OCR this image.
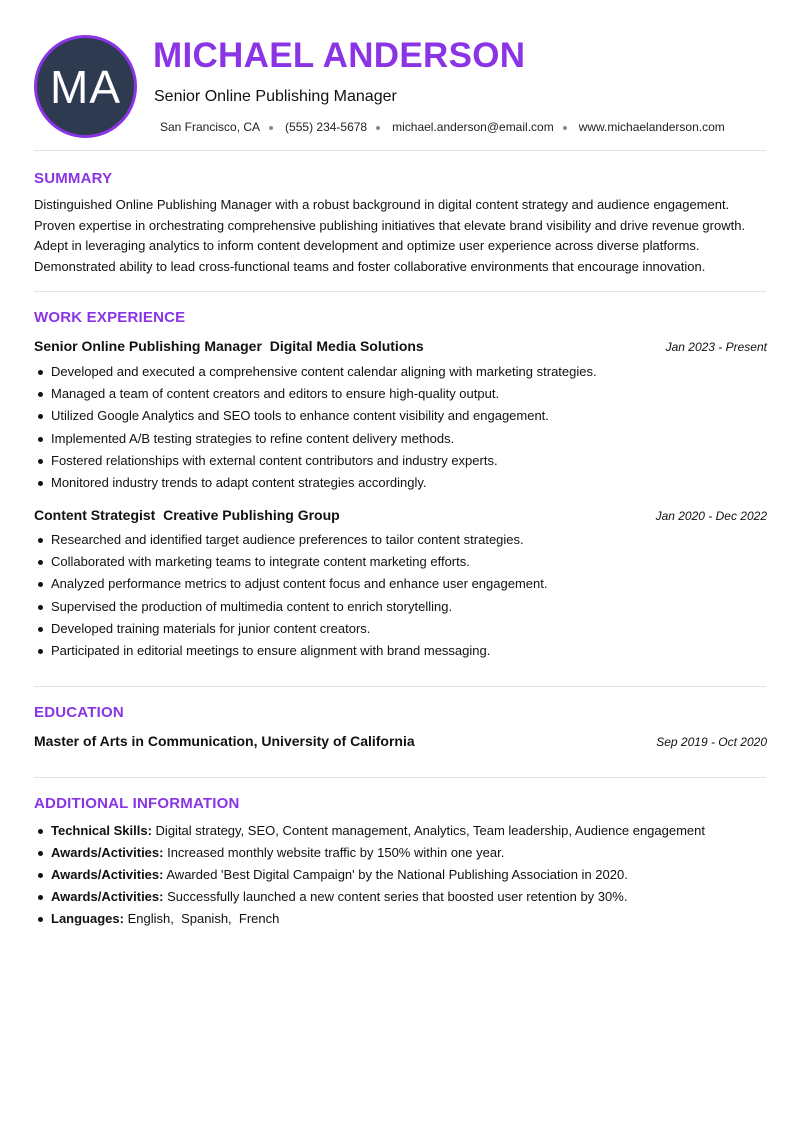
MA
MICHAEL ANDERSON
Senior Online Publishing Manager
San Francisco, CA (555) 234-5678 michael.anderson@email.com www.michaelanderson.com
SUMMARY

Distinguished Online Publishing Manager with a robust background in digital content strategy and audience engagement. Proven expertise in orchestrating comprehensive publishing initiatives that elevate brand visibility and drive revenue growth. Adept in leveraging analytics to inform content development and optimize user experience across diverse platforms. Demonstrated ability to lead cross-functional teams and foster collaborative environments that encourage innovation.

WORK EXPERIENCE
Senior Online Publishing Manager Digital Media Solutions	Jan 2023 - Present
Developed and executed a comprehensive content calendar aligning with marketing strategies.
Managed a team of content creators and editors to ensure high-quality output.
Utilized Google Analytics and SEO tools to enhance content visibility and engagement.
Implemented A/B testing strategies to refine content delivery methods.
Fostered relationships with external content contributors and industry experts.
Monitored industry trends to adapt content strategies accordingly.
Content Strategist Creative Publishing Group	Jan 2020 - Dec 2022
Researched and identified target audience preferences to tailor content strategies.
Collaborated with marketing teams to integrate content marketing efforts.
Analyzed performance metrics to adjust content focus and enhance user engagement.
Supervised the production of multimedia content to enrich storytelling.
Developed training materials for junior content creators.
Participated in editorial meetings to ensure alignment with brand messaging.
EDUCATION
Master of Arts in Communication, University of California	Sep 2019 - Oct 2020
ADDITIONAL INFORMATION
Technical Skills: Digital strategy, SEO, Content management, Analytics, Team leadership, Audience engagement
Awards/Activities: Increased monthly website traffic by 150% within one year.
Awards/Activities: Awarded 'Best Digital Campaign' by the National Publishing Association in 2020.
Awards/Activities: Successfully launched a new content series that boosted user retention by 30%.
Languages: English,  Spanish,  French
